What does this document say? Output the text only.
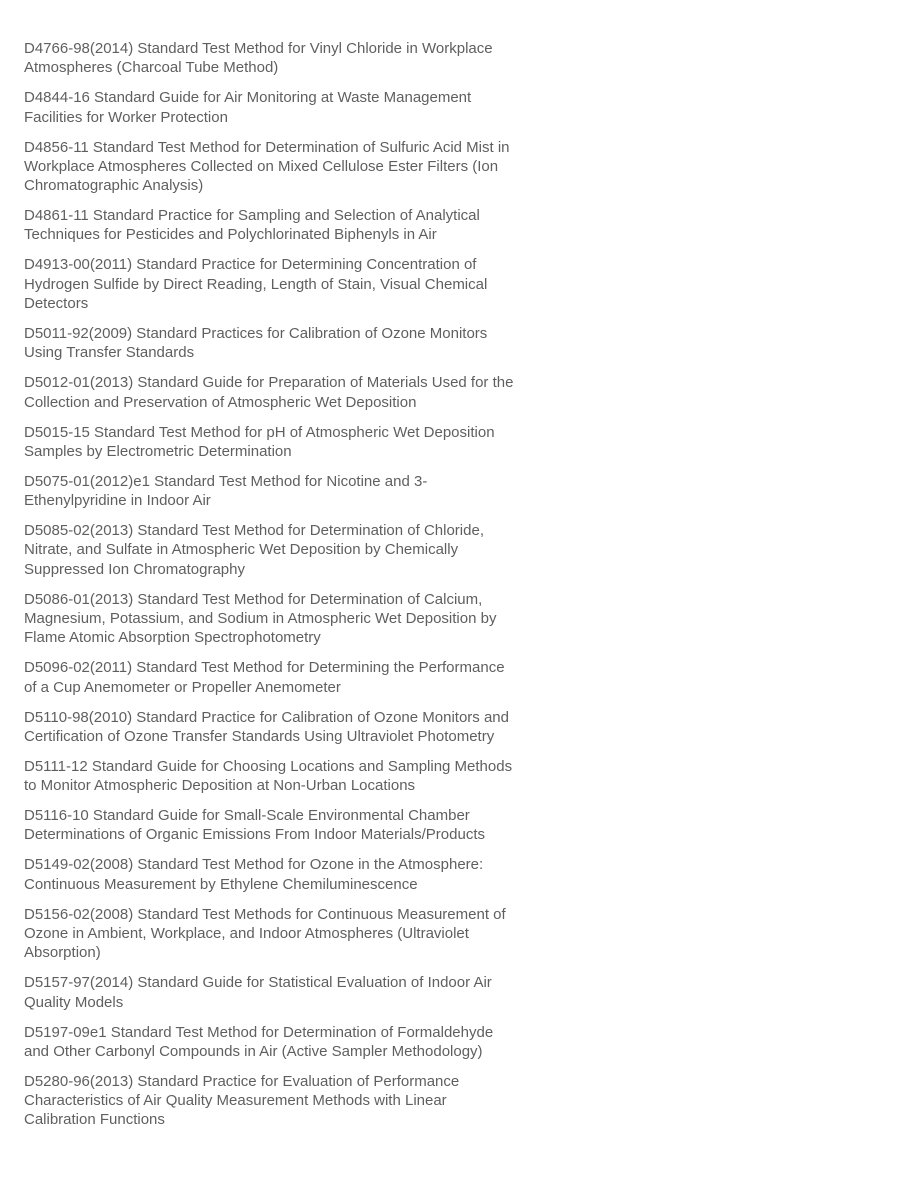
D4766-98(2014) Standard Test Method for Vinyl Chloride in Workplace
Atmospheres (Charcoal Tube Method)
D4844-16 Standard Guide for Air Monitoring at Waste Management
Facilities for Worker Protection
D4856-11 Standard Test Method for Determination of Sulfuric Acid Mist in
Workplace Atmospheres Collected on Mixed Cellulose Ester Filters (Ion
Chromatographic Analysis)
D4861-11 Standard Practice for Sampling and Selection of Analytical
Techniques for Pesticides and Polychlorinated Biphenyls in Air
D4913-00(2011) Standard Practice for Determining Concentration of
Hydrogen Sulfide by Direct Reading, Length of Stain, Visual Chemical
Detectors
D5011-92(2009) Standard Practices for Calibration of Ozone Monitors
Using Transfer Standards
D5012-01(2013) Standard Guide for Preparation of Materials Used for the
Collection and Preservation of Atmospheric Wet Deposition
D5015-15 Standard Test Method for pH of Atmospheric Wet Deposition
Samples by Electrometric Determination
D5075-01(2012)e1 Standard Test Method for Nicotine and 3-
Ethenylpyridine in Indoor Air
D5085-02(2013) Standard Test Method for Determination of Chloride,
Nitrate, and Sulfate in Atmospheric Wet Deposition by Chemically
Suppressed Ion Chromatography
D5086-01(2013) Standard Test Method for Determination of Calcium,
Magnesium, Potassium, and Sodium in Atmospheric Wet Deposition by
Flame Atomic Absorption Spectrophotometry
D5096-02(2011) Standard Test Method for Determining the Performance
of a Cup Anemometer or Propeller Anemometer
D5110-98(2010) Standard Practice for Calibration of Ozone Monitors and
Certification of Ozone Transfer Standards Using Ultraviolet Photometry
D5111-12 Standard Guide for Choosing Locations and Sampling Methods
to Monitor Atmospheric Deposition at Non-Urban Locations
D5116-10 Standard Guide for Small-Scale Environmental Chamber
Determinations of Organic Emissions From Indoor Materials/Products
D5149-02(2008) Standard Test Method for Ozone in the Atmosphere:
Continuous Measurement by Ethylene Chemiluminescence
D5156-02(2008) Standard Test Methods for Continuous Measurement of
Ozone in Ambient, Workplace, and Indoor Atmospheres (Ultraviolet
Absorption)
D5157-97(2014) Standard Guide for Statistical Evaluation of Indoor Air
Quality Models
D5197-09e1 Standard Test Method for Determination of Formaldehyde
and Other Carbonyl Compounds in Air (Active Sampler Methodology)
D5280-96(2013) Standard Practice for Evaluation of Performance
Characteristics of Air Quality Measurement Methods with Linear
Calibration Functions
